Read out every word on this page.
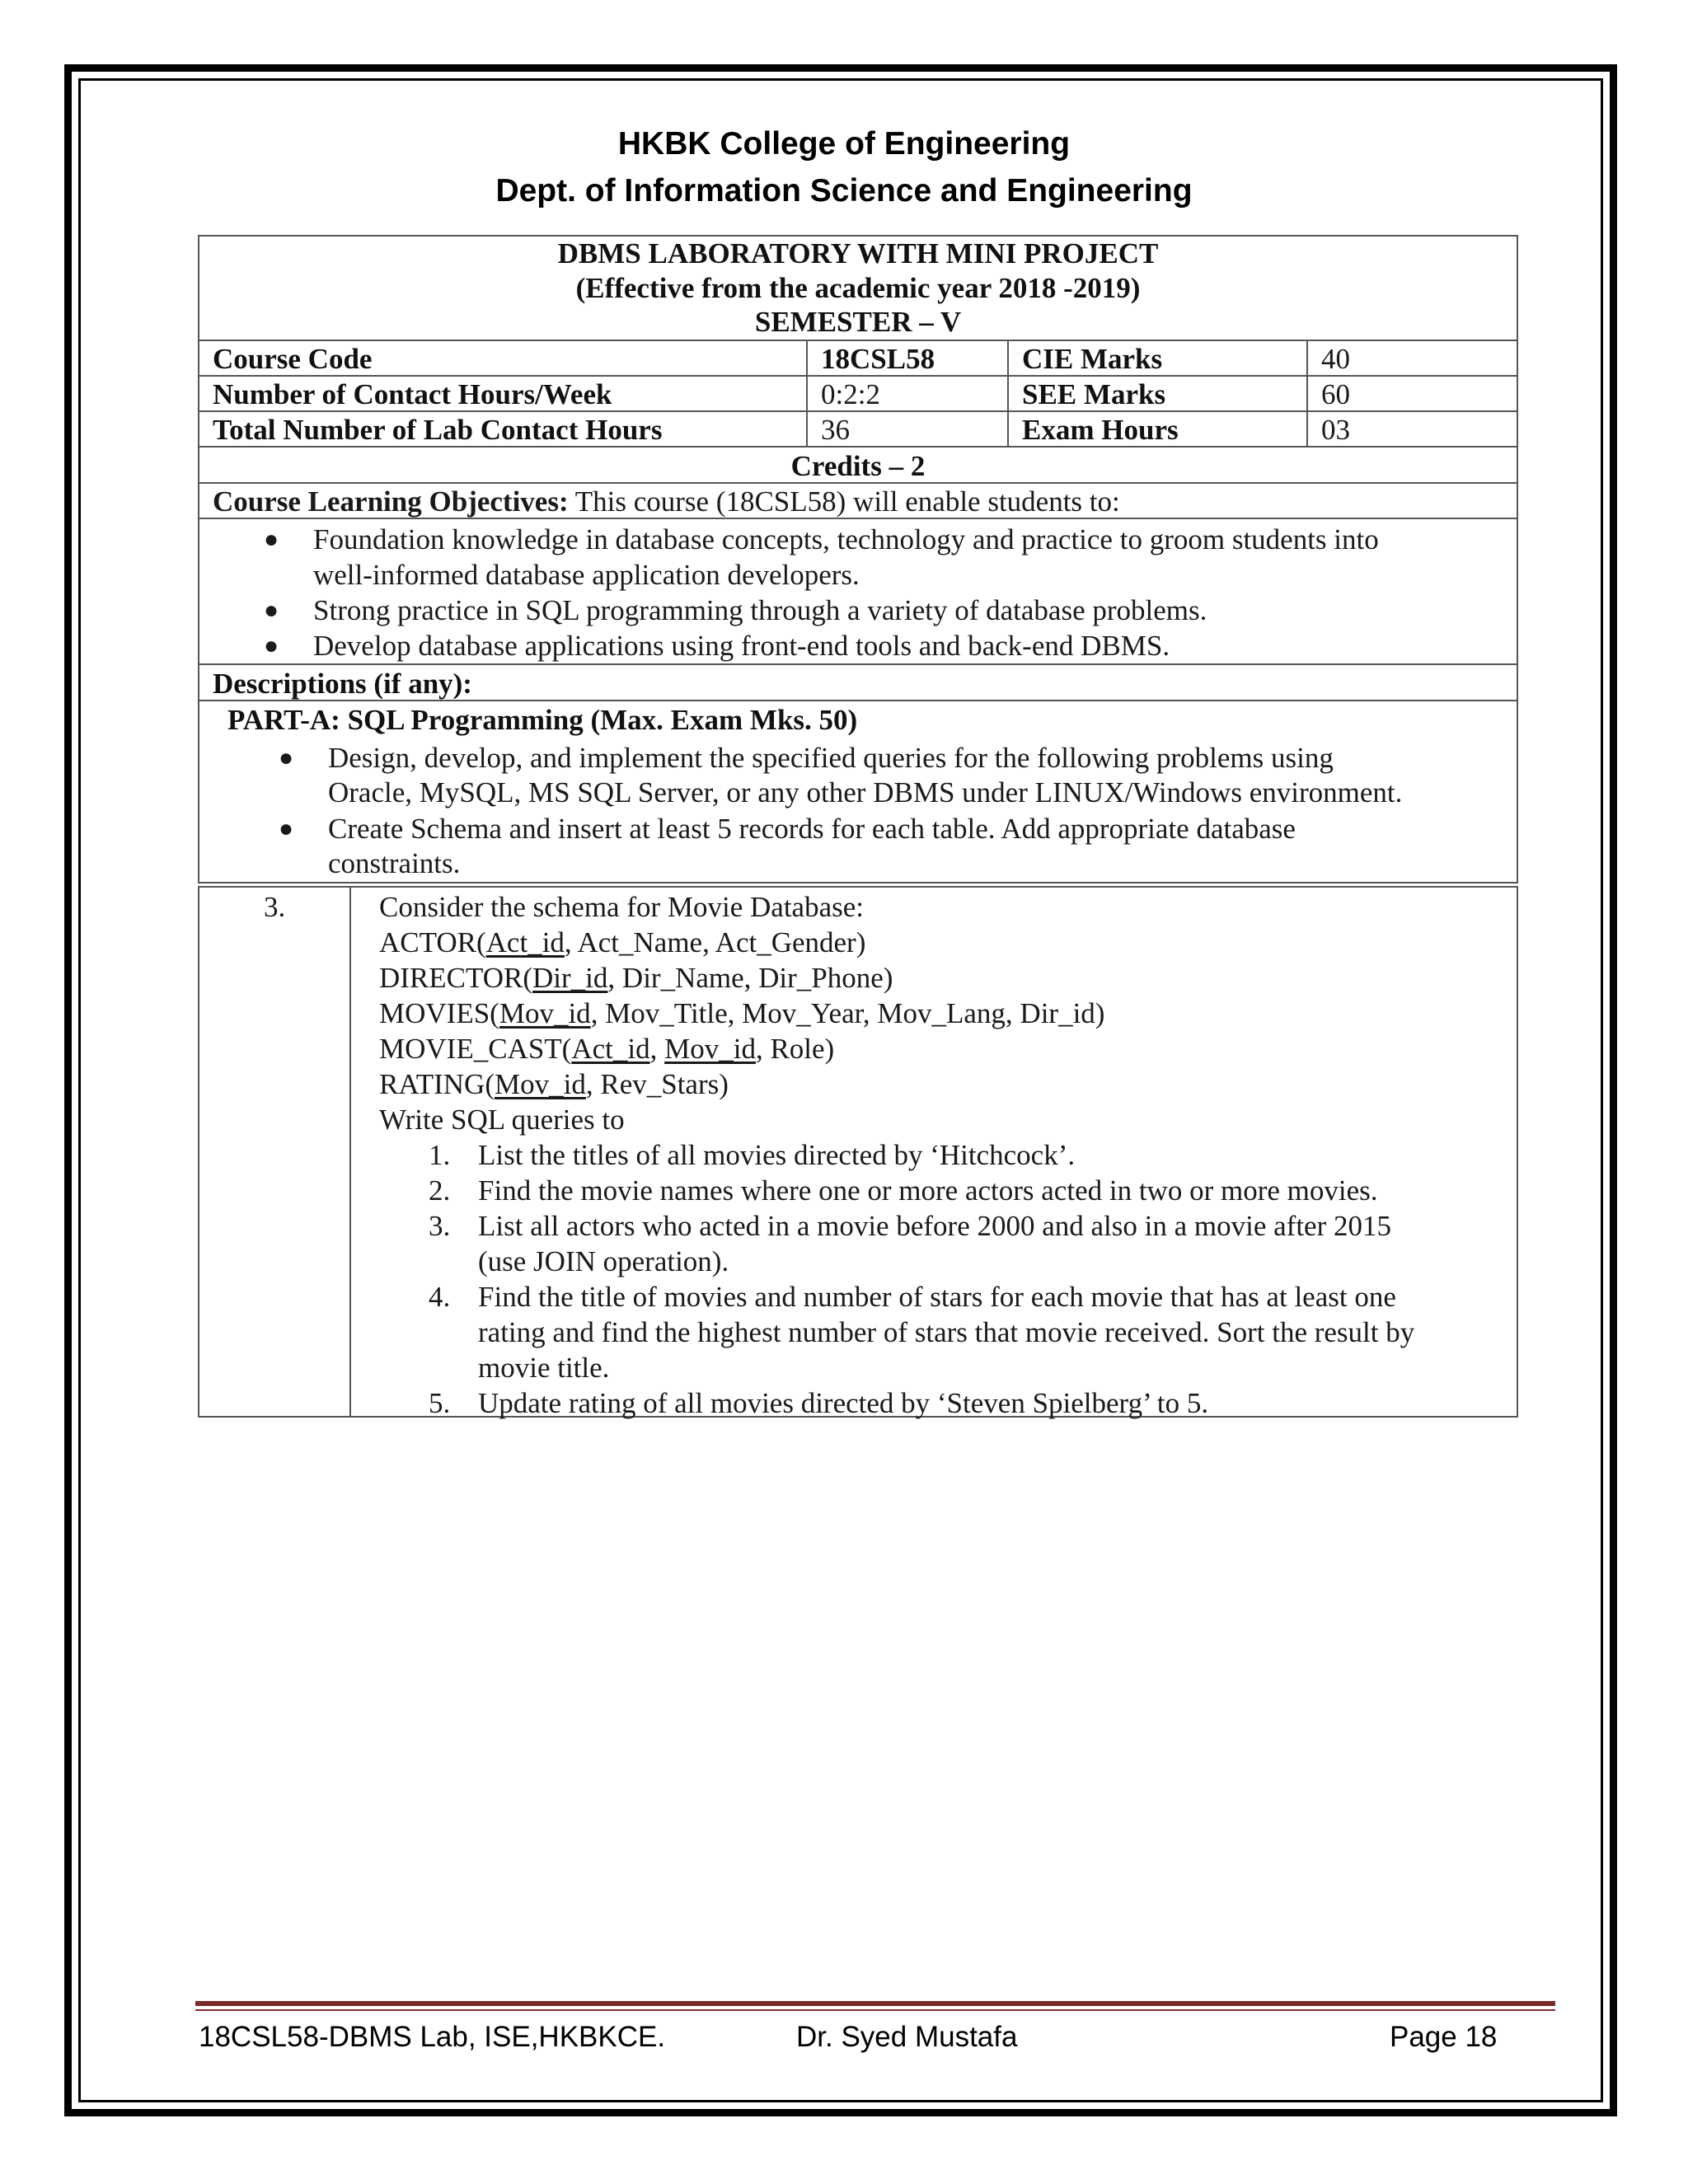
HKBK College of Engineering
Dept. of Information Science and Engineering
DBMS LABORATORY WITH MINI PROJECT
(Effective from the academic year 2018 -2019)
SEMESTER – V
Course Code	18CSL58	CIE Marks	40
Number of Contact Hours/Week	0:2:2	SEE Marks	60
Total Number of Lab Contact Hours	36	Exam Hours	03
Credits – 2
Course Learning Objectives: This course (18CSL58) will enable students to:
● Foundation knowledge in database concepts, technology and practice to groom students into
well-informed database application developers.
● Strong practice in SQL programming through a variety of database problems.
● Develop database applications using front-end tools and back-end DBMS.
Descriptions (if any):
PART-A: SQL Programming (Max. Exam Mks. 50)
● Design, develop, and implement the specified queries for the following problems using
Oracle, MySQL, MS SQL Server, or any other DBMS under LINUX/Windows environment.
● Create Schema and insert at least 5 records for each table. Add appropriate database
constraints.
3.	Consider the schema for Movie Database:
ACTOR(Act_id, Act_Name, Act_Gender)
DIRECTOR(Dir_id, Dir_Name, Dir_Phone)
MOVIES(Mov_id, Mov_Title, Mov_Year, Mov_Lang, Dir_id)
MOVIE_CAST(Act_id, Mov_id, Role)
RATING(Mov_id, Rev_Stars)
Write SQL queries to
1. List the titles of all movies directed by ‘Hitchcock’.
2. Find the movie names where one or more actors acted in two or more movies.
3. List all actors who acted in a movie before 2000 and also in a movie after 2015
(use JOIN operation).
4. Find the title of movies and number of stars for each movie that has at least one
rating and find the highest number of stars that movie received. Sort the result by
movie title.
5. Update rating of all movies directed by ‘Steven Spielberg’ to 5.
18CSL58-DBMS Lab, ISE,HKBKCE.	Dr. Syed Mustafa	Page 18
